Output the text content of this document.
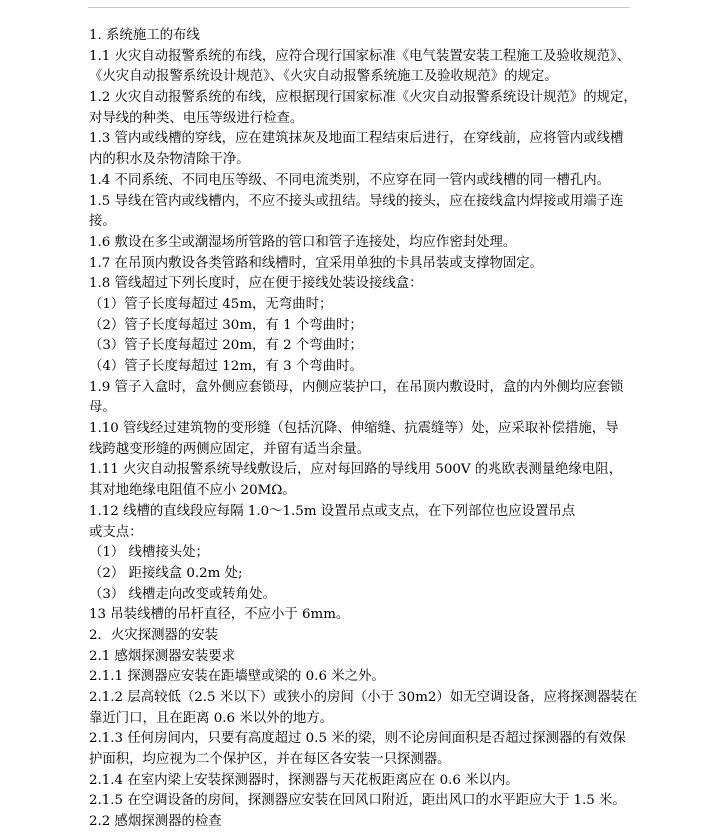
1. 系统施工的布线
1.1 火灾自动报警系统的布线，应符合现行国家标准《电气装置安装工程施工及验收规范》、
《火灾自动报警系统设计规范》、《火灾自动报警系统施工及验收规范》的规定。
1.2 火灾自动报警系统的布线，应根据现行国家标准《火灾自动报警系统设计规范》的规定，
对导线的种类、电压等级进行检查。
1.3 管内或线槽的穿线，应在建筑抹灰及地面工程结束后进行，在穿线前，应将管内或线槽
内的积水及杂物清除干净。
1.4 不同系统、不同电压等级、不同电流类别，不应穿在同一管内或线槽的同一槽孔内。
1.5 导线在管内或线槽内，不应不接头或扭结。导线的接头，应在接线盒内焊接或用端子连
接。
1.6 敷设在多尘或潮湿场所管路的管口和管子连接处，均应作密封处理。
1.7 在吊顶内敷设各类管路和线槽时，宜采用单独的卡具吊装或支撑物固定。
1.8 管线超过下列长度时，应在便于接线处装设接线盒：
（1）管子长度每超过 45m，无弯曲时；
（2）管子长度每超过 30m，有 1 个弯曲时；
（3）管子长度每超过 20m，有 2 个弯曲时；
（4）管子长度每超过 12m，有 3 个弯曲时。
1.9 管子入盒时，盒外侧应套锁母，内侧应装护口，在吊顶内敷设时，盒的内外侧均应套锁
母。
1.10 管线经过建筑物的变形缝（包括沉降、伸缩缝、抗震缝等）处，应采取补偿措施，导
线跨越变形缝的两侧应固定，并留有适当余量。
1.11 火灾自动报警系统导线敷设后，应对每回路的导线用 500V 的兆欧表测量绝缘电阻，
其对地绝缘电阻值不应小 20MΩ。
1.12 线槽的直线段应每隔 1.0～1.5m 设置吊点或支点，在下列部位也应设置吊点
或支点：
（1） 线槽接头处；
（2） 距接线盒 0.2m 处;
（3） 线槽走向改变或转角处。
13 吊装线槽的吊杆直径，不应小于 6mm。
2．火灾探测器的安装
2.1 感烟探测器安装要求
2.1.1 探测器应安装在距墙壁或梁的 0.6 米之外。
2.1.2 层高较低（2.5 米以下）或狭小的房间（小于 30m2）如无空调设备，应将探测器装在
靠近门口，且在距离 0.6 米以外的地方。
2.1.3 任何房间内，只要有高度超过 0.5 米的梁，则不论房间面积是否超过探测器的有效保
护面积，均应视为二个保护区，并在每区各安装一只探测器。
2.1.4 在室内梁上安装探测器时，探测器与天花板距离应在 0.6 米以内。
2.1.5 在空调设备的房间，探测器应安装在回风口附近，距出风口的水平距应大于 1.5 米。
2.2 感烟探测器的检查
